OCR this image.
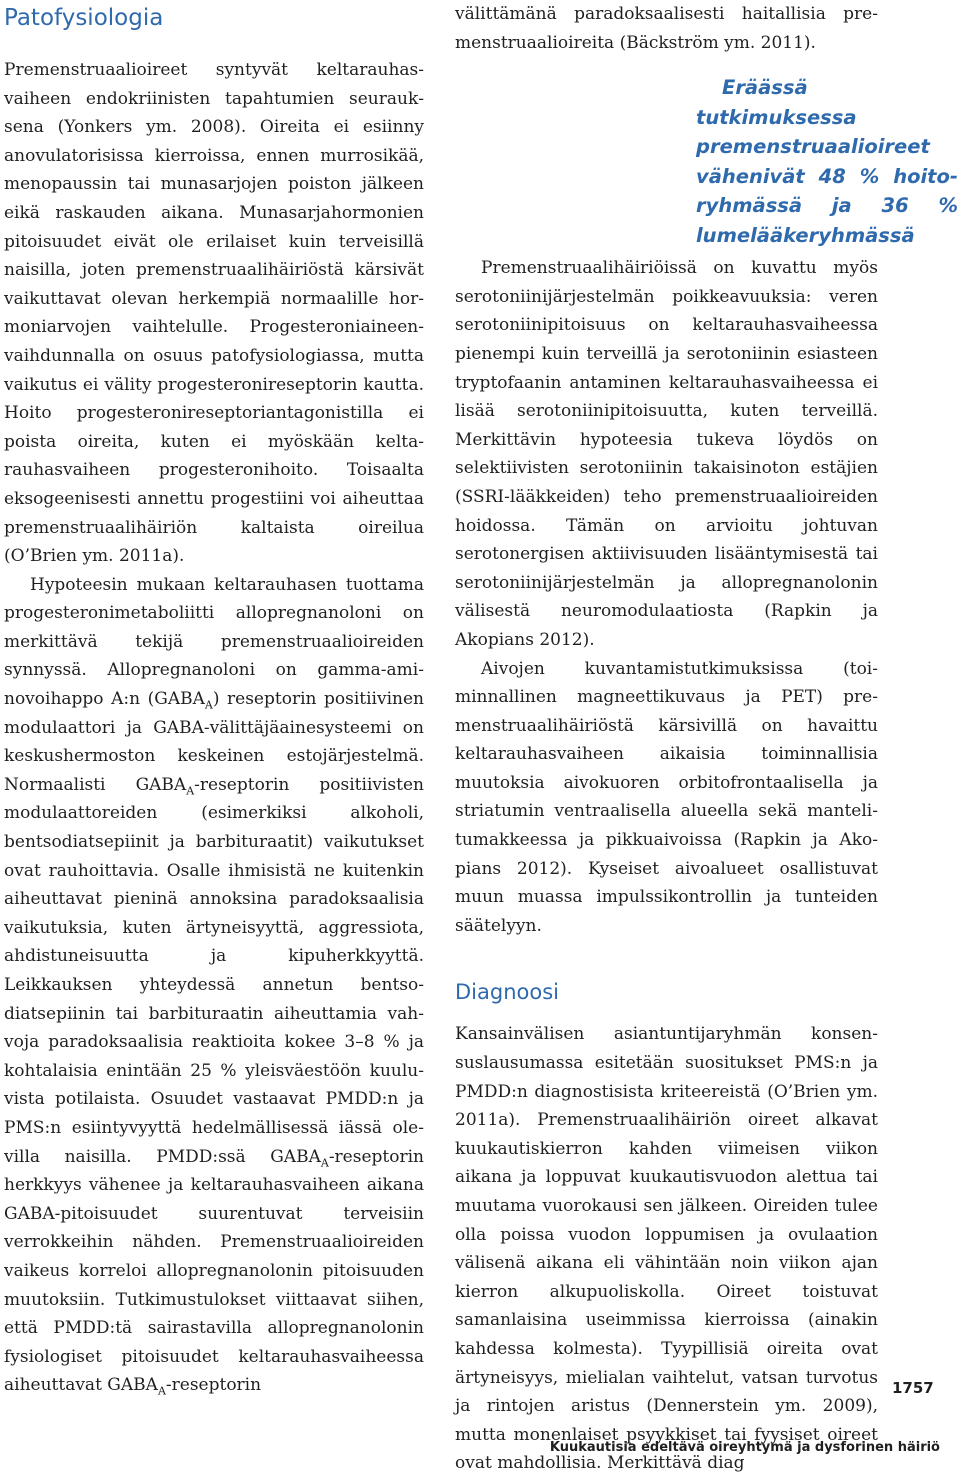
Patofysiologia

Premenstruaalioireet syntyvät keltarauhasvaiheen endokriinisten tapahtumien seurauksena (Yonkers ym. 2008). Oireita ei esiinny anovulatorisissa kierroissa, ennen murrosikää, menopaussin tai munasarjojen poiston jälkeen eikä raskauden aikana. Munasarjahormonien pitoisuudet eivät ole erilaiset kuin terveisillä naisilla, joten premenstruaalihäiriöstä kärsivät vaikuttavat olevan herkempiä normaalille hormoniarvojen vaihtelulle. Progesteroniaineenvaihdunnalla on osuus patofysiologiassa, mutta vaikutus ei välity progesteronireseptorin kautta. Hoito progesteronireseptoriantagonistilla ei poista oireita, kuten ei myöskään keltarauhasvaiheen progesteronihoito. Toisaalta eksogeenisesti annettu progestiini voi aiheuttaa premenstruaalihäiriön kaltaista oireilua (O’Brien ym. 2011a).

Hypoteesin mukaan keltarauhasen tuottama progesteronimetaboliitti allopregnanoloni on merkittävä tekijä premenstruaalioireiden synnyssä. Allopregnanoloni on gamma-aminovoihappo A:n $(GABA_A)$ reseptorin positiivinen modulaattori ja GABA-välittäjäainesysteemi on keskushermoston keskeinen estojärjestelmä. Normaalisti $GABA_A$-reseptorin positiivisten modulaattoreiden (esimerkiksi alkoholi, bentsodiatsepiinit ja barbituraatit) vaikutukset ovat rauhoittavia. Osalle ihmisistä ne kuitenkin aiheuttavat pieninä annoksina paradoksaalisia vaikutuksia, kuten ärtyneisyyttä, aggressiota, ahdistuneisuutta ja kipuherkkyyttä. Leikkauksen yhteydessä annetun bentsodiatsepiinin tai barbituraatin aiheuttamia vahvoja paradoksaalisia reaktioita kokee 3–8 % ja kohtalaisia enintään 25 % yleisväestöön kuuluvista potilaista. Osuudet vastaavat PMDD:n ja PMS:n esiintyvyyttä hedelmällisessä iässä olevilla naisilla. PMDD:ssä $GABA_A$-reseptorin herkkyys vähenee ja keltarauhasvaiheen aikana GABA-pitoisuudet suurentuvat terveisiin verrokkeihin nähden. Premenstruaalioireiden vaikeus korreloi allopregnanolonin pitoisuuden muutoksiin. Tutkimustulokset viittaavat siihen, että PMDD:tä sairastavilla allopregnanolonin fysiologiset pitoisuudet keltarauhasvaiheessa aiheuttavat $GABA_A$-reseptorin

välittämänä paradoksaalisesti haitallisia premenstruaalioireita (Bäckström ym. 2011).

Eräässä tutkimuksessa premenstruaalioireet vähenivät 48 % hoitoryhmässä ja 36 % lumelääkeryhmässä
Premenstruaalihäiriöissä on kuvattu myös serotoniinijärjestelmän poikkeavuuksia: veren serotoniinipitoisuus on keltarauhasvaiheessa pienempi kuin terveillä ja serotoniinin esiasteen tryptofaanin antaminen keltarauhasvaiheessa ei lisää serotoniinipitoisuutta, kuten terveillä. Merkittävin hypoteesia tukeva löydös on selektiivisten serotoniinin takaisinoton estäjien (SSRI-lääkkeiden) teho premenstruaalioireiden hoidossa. Tämän on arvioitu johtuvan serotonergisen aktiivisuuden lisääntymisestä tai serotoniinijärjestelmän ja allopregnanolonin välisestä neuromodulaatiosta (Rapkin ja Akopians 2012).

Aivojen kuvantamistutkimuksissa (toiminnallinen magneettikuvaus ja PET) premenstruaalihäiriöstä kärsivillä on havaittu keltarauhasvaiheen aikaisia toiminnallisia muutoksia aivokuoren orbitofrontaalisella ja striatumin ventraalisella alueella sekä mantelitumakkeessa ja pikkuaivoissa (Rapkin ja Akopians 2012). Kyseiset aivoalueet osallistuvat muun muassa impulssikontrollin ja tunteiden säätelyyn.

Diagnoosi

Kansainvälisen asiantuntijaryhmän konsensuslausumassa esitetään suositukset PMS:n ja PMDD:n diagnostisista kriteereistä (O’Brien ym. 2011a). Premenstruaalihäiriön oireet alkavat kuukautiskierron kahden viimeisen viikon aikana ja loppuvat kuukautisvuodon alettua tai muutama vuorokausi sen jälkeen. Oireiden tulee olla poissa vuodon loppumisen ja ovulaation välisenä aikana eli vähintään noin viikon ajan kierron alkupuoliskolla. Oireet toistuvat samanlaisina useimmissa kierroissa (ainakin kahdessa kolmesta). Tyypillisiä oireita ovat ärtyneisyys, mielialan vaihtelut, vatsan turvotus ja rintojen aristus (Dennerstein ym. 2009), mutta monenlaiset psyykkiset tai fyysiset oireet ovat mahdollisia. Merkittävä diag

1757
Kuukautisia edeltävä oireyhtymä ja dysforinen häiriö
